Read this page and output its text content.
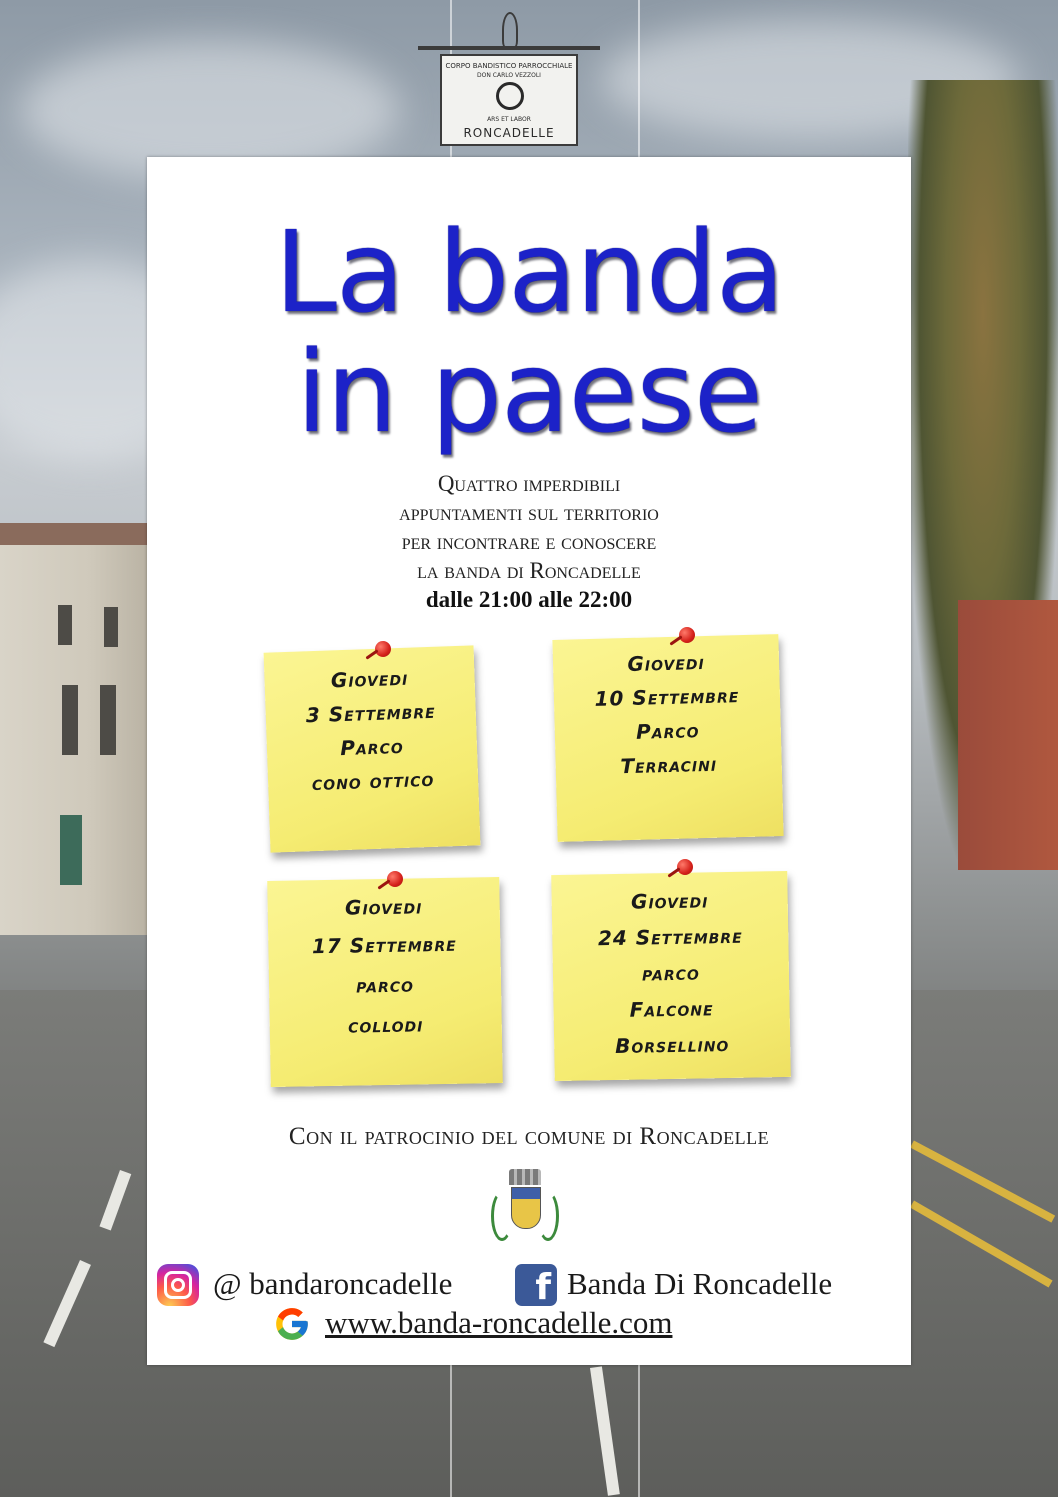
CORPO BANDISTICO PARROCCHIALE
DON CARLO VEZZOLI
ARS ET LABOR
RONCADELLE
La banda
in paese
Quattro imperdibili
appuntamenti sul territorio
per incontrare e conoscere
la banda di Roncadelle
dalle 21:00 alle 22:00
Giovedi
3 Settembre
Parco
cono ottico
Giovedi
10 Settembre
Parco
Terracini
Giovedi
17 Settembre
parco
collodi
Giovedi
24 Settembre
parco
Falcone
Borsellino
Con il patrocinio del comune di Roncadelle
@ bandaroncadelle	f Banda Di Roncadelle
www.banda-roncadelle.com
